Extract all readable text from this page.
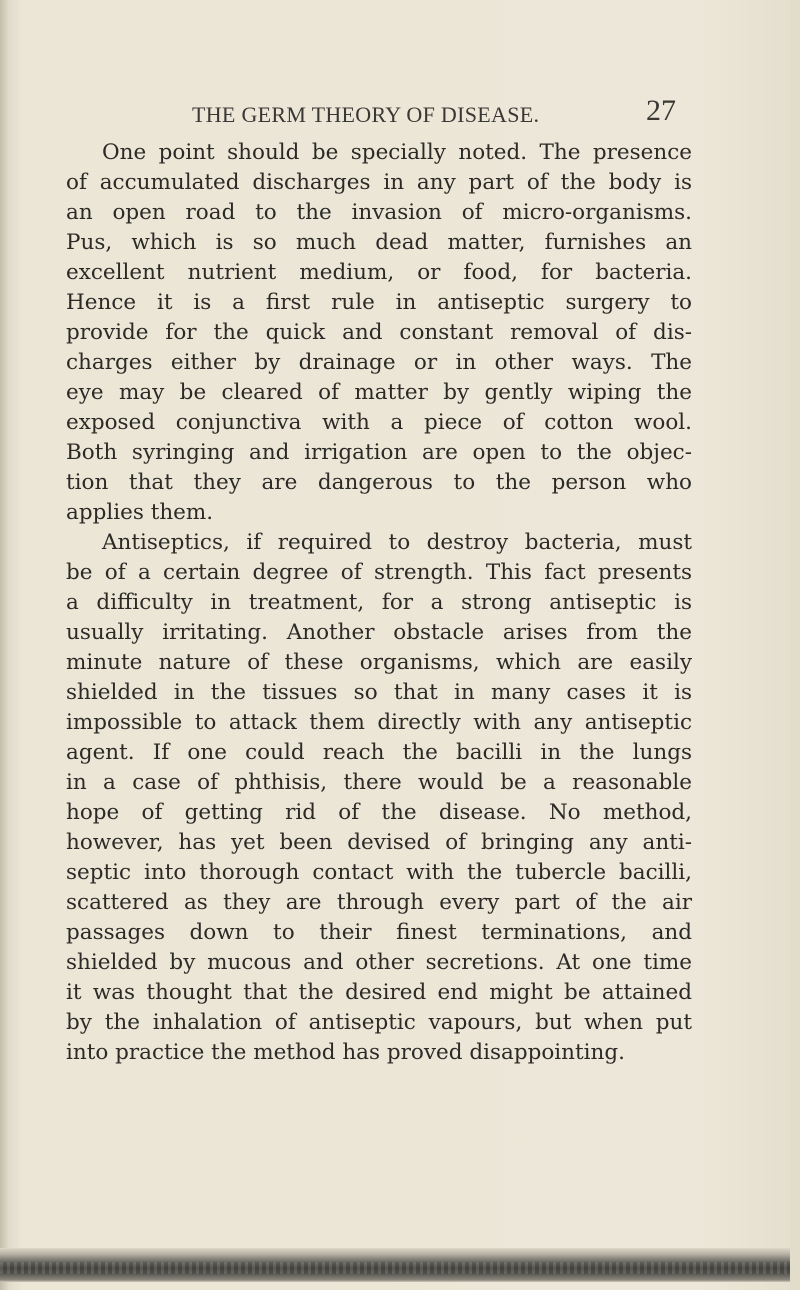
THE GERM THEORY OF DISEASE.	27
One point should be specially noted. The presence
of accumulated discharges in any part of the body is
an open road to the invasion of micro-organisms.
Pus, which is so much dead matter, furnishes an
excellent nutrient medium, or food, for bacteria.
Hence it is a first rule in antiseptic surgery to
provide for the quick and constant removal of dis-
charges either by drainage or in other ways. The
eye may be cleared of matter by gently wiping the
exposed conjunctiva with a piece of cotton wool.
Both syringing and irrigation are open to the objec-
tion that they are dangerous to the person who
applies them.
Antiseptics, if required to destroy bacteria, must
be of a certain degree of strength. This fact presents
a difficulty in treatment, for a strong antiseptic is
usually irritating. Another obstacle arises from the
minute nature of these organisms, which are easily
shielded in the tissues so that in many cases it is
impossible to attack them directly with any antiseptic
agent. If one could reach the bacilli in the lungs
in a case of phthisis, there would be a reasonable
hope of getting rid of the disease. No method,
however, has yet been devised of bringing any anti-
septic into thorough contact with the tubercle bacilli,
scattered as they are through every part of the air
passages down to their finest terminations, and
shielded by mucous and other secretions. At one time
it was thought that the desired end might be attained
by the inhalation of antiseptic vapours, but when put
into practice the method has proved disappointing.
